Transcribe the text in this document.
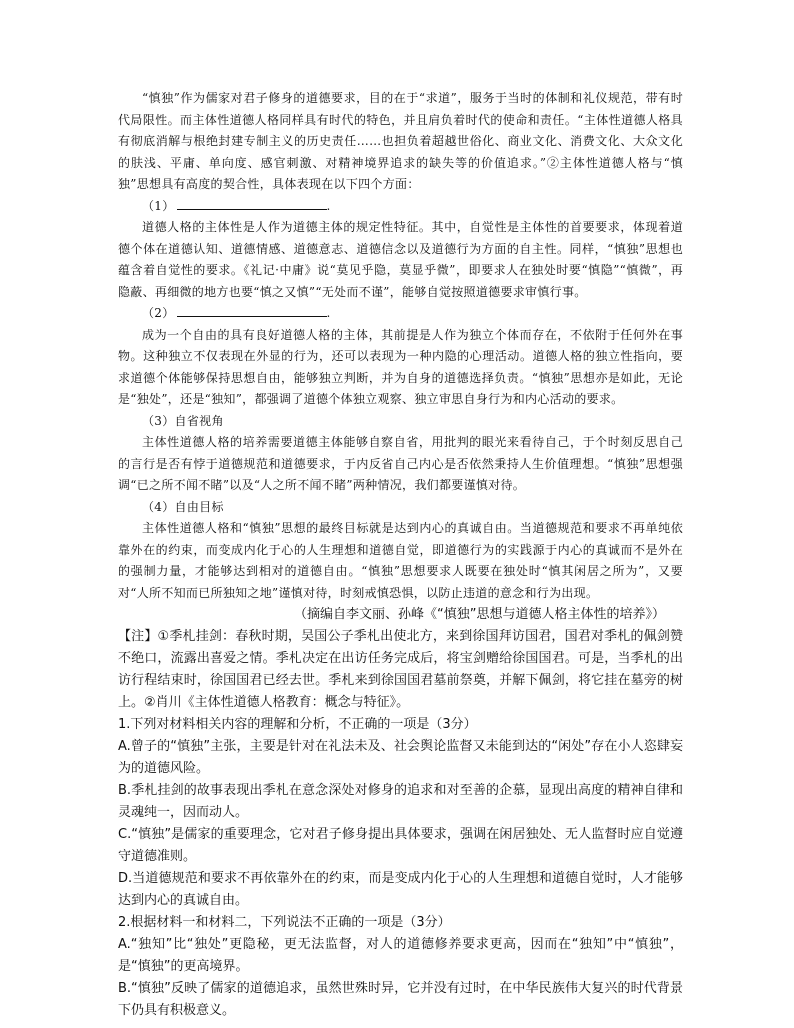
“慎独”作为儒家对君子修身的道德要求，目的在于“求道”，服务于当时的体制和礼仪规范，带有时代局限性。而主体性道德人格同样具有时代的特色，并且肩负着时代的使命和责任。“主体性道德人格具有彻底消解与根绝封建专制主义的历史责任……也担负着超越世俗化、商业文化、消费文化、大众文化的肤浅、平庸、单向度、感官刺激、对精神境界追求的缺失等的价值追求。”②主体性道德人格与“慎独”思想具有高度的契合性，具体表现在以下四个方面：

（1）	.

道德人格的主体性是人作为道德主体的规定性特征。其中，自觉性是主体性的首要要求，体现着道德个体在道德认知、道德情感、道德意志、道德信念以及道德行为方面的自主性。同样，“慎独”思想也蕴含着自觉性的要求。《礼记·中庸》说“莫见乎隐，莫显乎微”，即要求人在独处时要“慎隐”“慎微”，再隐蔽、再细微的地方也要“慎之又慎”“无处而不谨”，能够自觉按照道德要求审慎行事。

（2）	.

成为一个自由的具有良好道德人格的主体，其前提是人作为独立个体而存在，不依附于任何外在事物。这种独立不仅表现在外显的行为，还可以表现为一种内隐的心理活动。道德人格的独立性指向，要求道德个体能够保持思想自由，能够独立判断，并为自身的道德选择负责。“慎独”思想亦是如此，无论是“独处”，还是“独知”，都强调了道德个体独立观察、独立审思自身行为和内心活动的要求。

（3）自省视角

主体性道德人格的培养需要道德主体能够自察自省，用批判的眼光来看待自己，于个时刻反思自己的言行是否有悖于道德规范和道德要求，于内反省自己内心是否依然秉持人生价值理想。“慎独”思想强调“已之所不闻不睹”以及“人之所不闻不睹”两种情况，我们都要谨慎对待。

（4）自由目标

主体性道德人格和“慎独”思想的最终目标就是达到内心的真诚自由。当道德规范和要求不再单纯依靠外在的约束，而变成内化于心的人生理想和道德自觉，即道德行为的实践源于内心的真诚而不是外在的强制力量，才能够达到相对的道德自由。“慎独”思想要求人既要在独处时“慎其闲居之所为”，又要对“人所不知而已所独知之地”谨慎对待，时刻戒慎恐惧，以防止违道的意念和行为出现。

（摘编自李文丽、孙峰《“慎独”思想与道德人格主体性的培养》）

【注】①季札挂剑：春秋时期，吴国公子季札出使北方，来到徐国拜访国君，国君对季札的佩剑赞不绝口，流露出喜爱之情。季札决定在出访任务完成后，将宝剑赠给徐国国君。可是，当季札的出访行程结束时，徐国国君已经去世。季札来到徐国国君墓前祭奠，并解下佩剑，将它挂在墓旁的树上。②肖川《主体性道德人格教育：概念与特征》。

1.下列对材料相关内容的理解和分析，不正确的一项是（3分）

A.曾子的“慎独”主张，主要是针对在礼法未及、社会舆论监督又未能到达的“闲处”存在小人恣肆妄为的道德风险。

B.季札挂剑的故事表现出季札在意念深处对修身的追求和对至善的企慕，显现出高度的精神自律和灵魂纯一，因而动人。

C.“慎独”是儒家的重要理念，它对君子修身提出具体要求，强调在闲居独处、无人监督时应自觉遵守道德准则。

D.当道德规范和要求不再依靠外在的约束，而是变成内化于心的人生理想和道德自觉时，人才能够达到内心的真诚自由。

2.根据材料一和材料二，下列说法不正确的一项是（3分）

A.“独知”比“独处”更隐秘，更无法监督，对人的道德修养要求更高，因而在“独知”中“慎独”，是“慎独”的更高境界。

B.“慎独”反映了儒家的道德追求，虽然世殊时异，它并没有过时，在中华民族伟大复兴的时代背景下仍具有积极意义。
